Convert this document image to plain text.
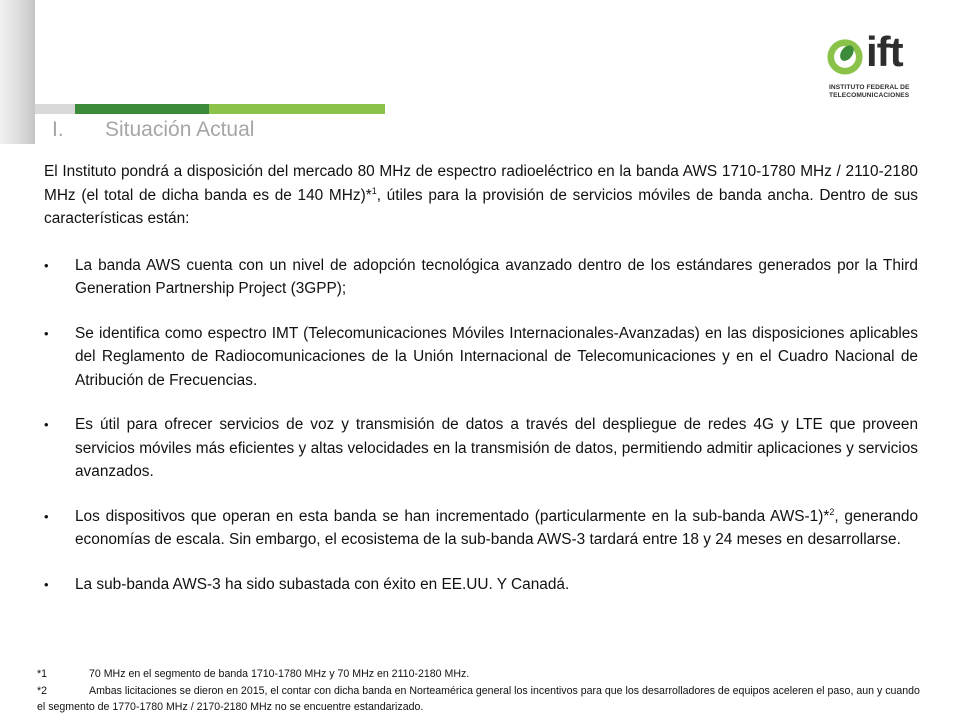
I. Situación Actual
ift
INSTITUTO FEDERAL DE
TELECOMUNICACIONES

El Instituto pondrá a disposición del mercado 80 MHz de espectro radioeléctrico en la banda AWS 1710-1780 MHz / 2110-2180 MHz (el total de dicha banda es de 140 MHz)*$^1$, útiles para la provisión de servicios móviles de banda ancha. Dentro de sus características están:

• La banda AWS cuenta con un nivel de adopción tecnológica avanzado dentro de los estándares generados por la Third Generation Partnership Project (3GPP);
• Se identifica como espectro IMT (Telecomunicaciones Móviles Internacionales-Avanzadas) en las disposiciones aplicables del Reglamento de Radiocomunicaciones de la Unión Internacional de Telecomunicaciones y en el Cuadro Nacional de Atribución de Frecuencias.
• Es útil para ofrecer servicios de voz y transmisión de datos a través del despliegue de redes 4G y LTE que proveen servicios móviles más eficientes y altas velocidades en la transmisión de datos, permitiendo admitir aplicaciones y servicios avanzados.
• Los dispositivos que operan en esta banda se han incrementado (particularmente en la sub-banda AWS-1)*$^2$, generando economías de escala. Sin embargo, el ecosistema de la sub-banda AWS-3 tardará entre 18 y 24 meses en desarrollarse.
• La sub-banda AWS-3 ha sido subastada con éxito en EE.UU. Y Canadá.
*1	70 MHz en el segmento de banda 1710-1780 MHz y 70 MHz en 2110-2180 MHz.
*2	Ambas licitaciones se dieron en 2015, el contar con dicha banda en Norteamérica general los incentivos para que los desarrolladores de equipos aceleren el paso, aun y cuando el segmento de 1770-1780 MHz / 2170-2180 MHz no se encuentre estandarizado.
